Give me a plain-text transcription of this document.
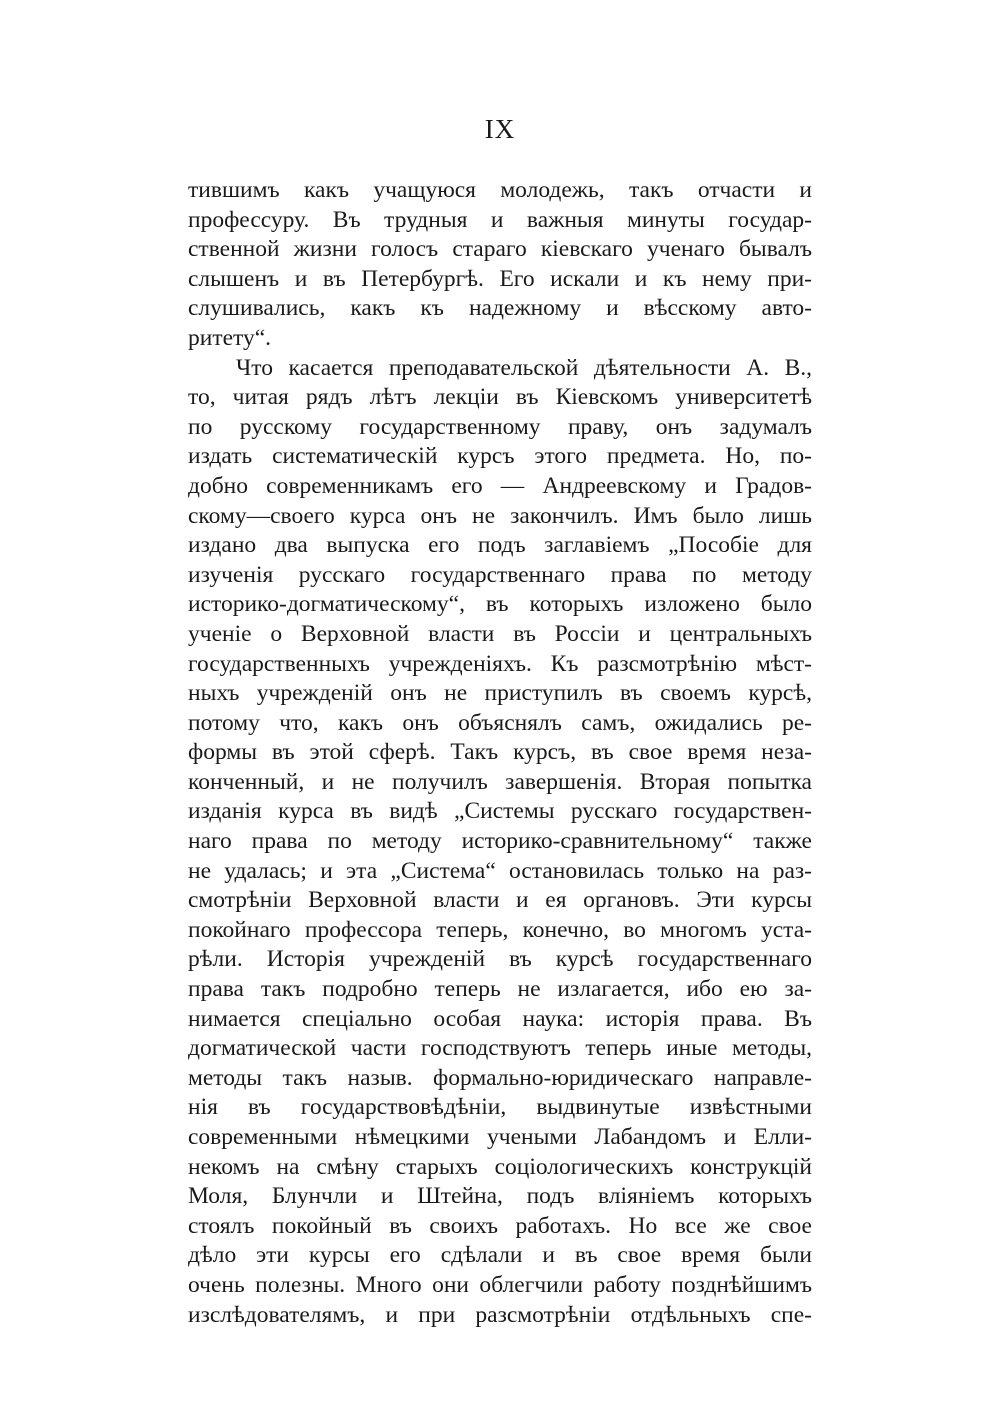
IX
тившимъ какъ учащуюся молодежь, такъ отчасти и
профессуру. Въ трудныя и важныя минуты государ-
ственной жизни голосъ стараго кіевскаго ученаго бывалъ
слышенъ и въ Петербургѣ. Его искали и къ нему при-
слушивались, какъ къ надежному и вѣсскому авто-
ритету“.
Что касается преподавательской дѣятельности А. В.,
то, читая рядъ лѣтъ лекціи въ Кіевскомъ университетѣ
по русскому государственному праву, онъ задумалъ
издать систематическій курсъ этого предмета. Но, по-
добно современникамъ его — Андреевскому и Градов-
скому—своего курса онъ не закончилъ. Имъ было лишь
издано два выпуска его подъ заглавіемъ „Пособіе для
изученія русскаго государственнаго права по методу
историко-догматическому“, въ которыхъ изложено было
ученіе о Верховной власти въ Россіи и центральныхъ
государственныхъ учрежденіяхъ. Къ разсмотрѣнію мѣст-
ныхъ учрежденій онъ не приступилъ въ своемъ курсѣ,
потому что, какъ онъ объяснялъ самъ, ожидались ре-
формы въ этой сферѣ. Такъ курсъ, въ свое время неза-
конченный, и не получилъ завершенія. Вторая попытка
изданія курса въ видѣ „Системы русскаго государствен-
наго права по методу историко-сравнительному“ также
не удалась; и эта „Система“ остановилась только на раз-
смотрѣніи Верховной власти и ея органовъ. Эти курсы
покойнаго профессора теперь, конечно, во многомъ уста-
рѣли. Исторія учрежденій въ курсѣ государственнаго
права такъ подробно теперь не излагается, ибо ею за-
нимается спеціально особая наука: исторія права. Въ
догматической части господствуютъ теперь иные методы,
методы такъ назыв. формально-юридическаго направле-
нія въ государствовѣдѣніи, выдвинутые извѣстными
современными нѣмецкими учеными Лабандомъ и Елли-
некомъ на смѣну старыхъ соціологическихъ конструкцій
Моля, Блунчли и Штейна, подъ вліяніемъ которыхъ
стоялъ покойный въ своихъ работахъ. Но все же свое
дѣло эти курсы его сдѣлали и въ свое время были
очень полезны. Много они облегчили работу позднѣйшимъ
изслѣдователямъ, и при разсмотрѣніи отдѣльныхъ спе-
